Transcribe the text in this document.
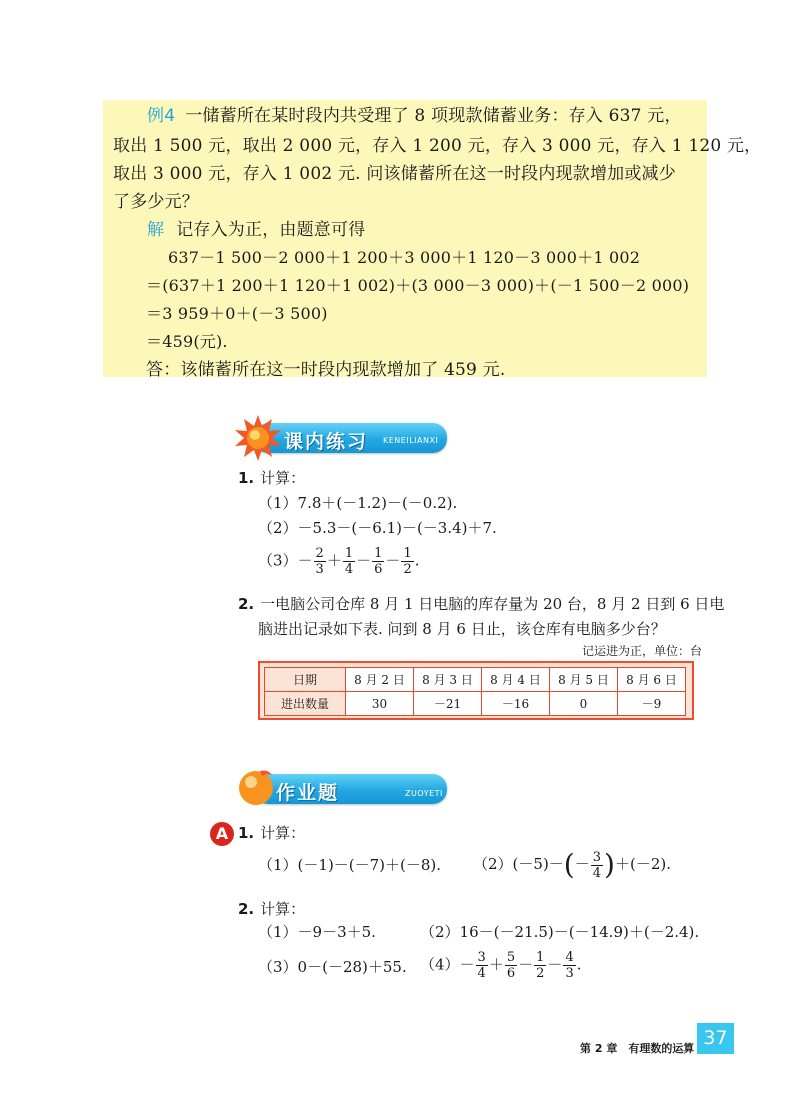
例4 一储蓄所在某时段内共受理了 8 项现款储蓄业务：存入 637 元，
取出 1 500 元，取出 2 000 元，存入 1 200 元，存入 3 000 元，存入 1 120 元，
取出 3 000 元，存入 1 002 元. 问该储蓄所在这一时段内现款增加或减少
了多少元？
解 记存入为正，由题意可得
637－1 500－2 000＋1 200＋3 000＋1 120－3 000＋1 002
＝(637＋1 200＋1 120＋1 002)＋(3 000－3 000)＋(－1 500－2 000)
＝3 959＋0＋(－3 500)
＝459(元).
答：该储蓄所在这一时段内现款增加了 459 元.
课内练习 KENEILIANXI
1. 计算：
（1）7.8＋(－1.2)－(－0.2).
（2）－5.3－(－6.1)－(－3.4)＋7.
$(3)- \frac{2}{3} + \frac{1}{4} - \frac{1}{6} - \frac{1}{2}$ .
2. 一电脑公司仓库 8 月 1 日电脑的库存量为 20 台，8 月 2 日到 6 日电
脑进出记录如下表. 问到 8 月 6 日止，该仓库有电脑多少台？
记运进为正，单位：台
日期	8 月 2 日	8 月 3 日	8 月 4 日	8 月 5 日	8 月 6 日
进出数量	30	－21	－16	0	－9
作业题	ZUOYETI
A 1. 计算：
（1）(－1)－(－7)＋(－8). $(2)(-5)-(- \frac{3}{4} )+(-2)$.
2. 计算：
（1）－9－3＋5.	（2）16－(－21.5)－(－14.9)＋(－2.4).
（3）0－(－28)＋55. $(4)- \frac{3}{4} + \frac{5}{6} - \frac{1}{2} - \frac{4}{3}$ .
第 2 章　有理数的运算 37
